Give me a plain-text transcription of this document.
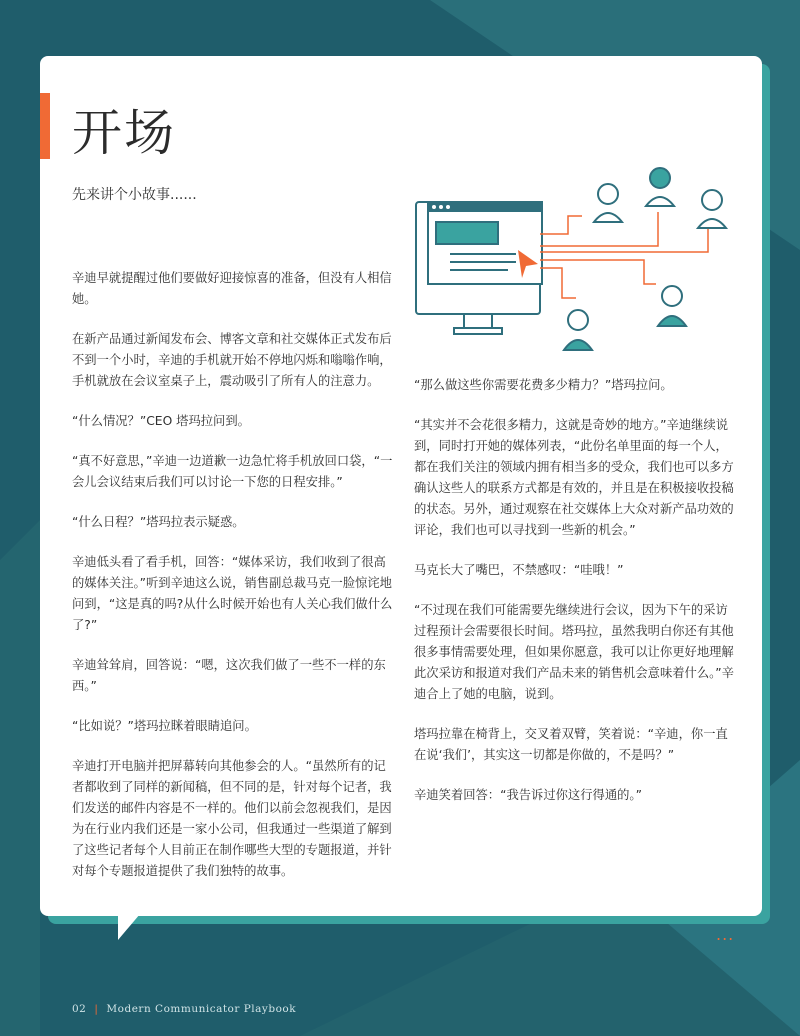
开场
先来讲个小故事......

辛迪早就提醒过他们要做好迎接惊喜的准备，但没有人相信她。

在新产品通过新闻发布会、博客文章和社交媒体正式发布后不到一个小时，辛迪的手机就开始不停地闪烁和嗡嗡作响，手机就放在会议室桌子上，震动吸引了所有人的注意力。

“什么情况？”CEO 塔玛拉问到。

“真不好意思，”辛迪一边道歉一边急忙将手机放回口袋，“一会儿会议结束后我们可以讨论一下您的日程安排。”

“什么日程？”塔玛拉表示疑惑。

辛迪低头看了看手机，回答：“媒体采访，我们收到了很高的媒体关注。”听到辛迪这么说，销售副总裁马克一脸惊诧地问到，“这是真的吗?从什么时候开始也有人关心我们做什么了?”

辛迪耸耸肩，回答说：“嗯，这次我们做了一些不一样的东西。”

“比如说？”塔玛拉眯着眼睛追问。

辛迪打开电脑并把屏幕转向其他参会的人。“虽然所有的记者都收到了同样的新闻稿，但不同的是，针对每个记者，我们发送的邮件内容是不一样的。他们以前会忽视我们，是因为在行业内我们还是一家小公司，但我通过一些渠道了解到了这些记者每个人目前正在制作哪些大型的专题报道，并针对每个专题报道提供了我们独特的故事。

“那么做这些你需要花费多少精力？”塔玛拉问。

“其实并不会花很多精力，这就是奇妙的地方。”辛迪继续说到，同时打开她的媒体列表，“此份名单里面的每一个人，都在我们关注的领域内拥有相当多的受众，我们也可以多方确认这些人的联系方式都是有效的，并且是在积极接收投稿的状态。另外，通过观察在社交媒体上大众对新产品功效的评论，我们也可以寻找到一些新的机会。”

马克长大了嘴巴，不禁感叹：“哇哦！”

“不过现在我们可能需要先继续进行会议，因为下午的采访过程预计会需要很长时间。塔玛拉，虽然我明白你还有其他很多事情需要处理，但如果你愿意，我可以让你更好地理解此次采访和报道对我们产品未来的销售机会意味着什么。”辛迪合上了她的电脑，说到。

塔玛拉靠在椅背上，交叉着双臂，笑着说：“辛迪，你一直在说‘我们’，其实这一切都是你做的，不是吗？”

辛迪笑着回答：“我告诉过你这行得通的。”

...
02 | Modern Communicator Playbook
